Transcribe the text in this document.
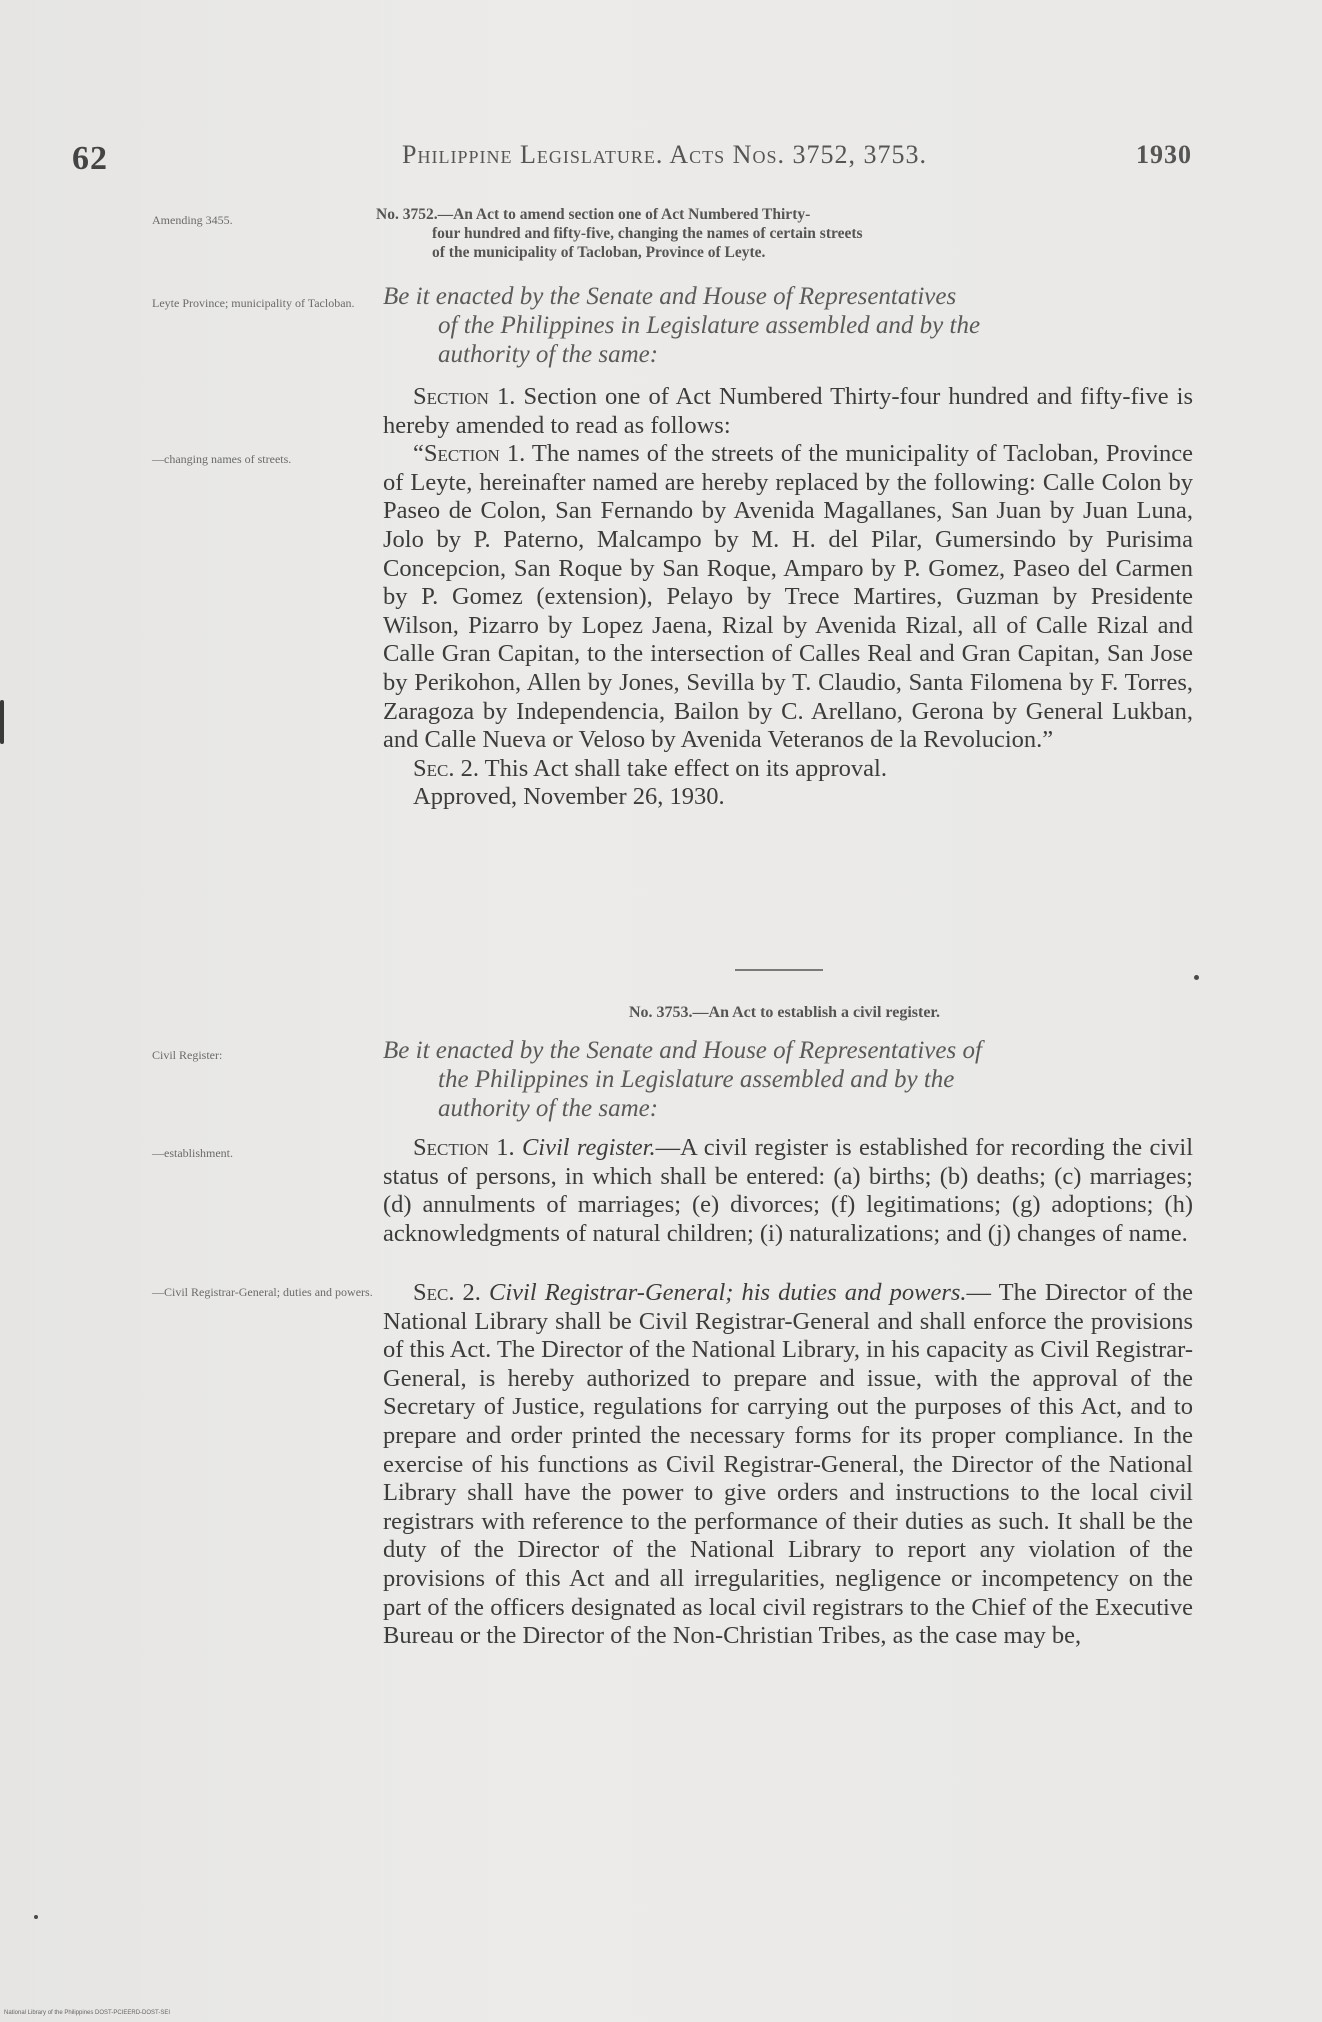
62	Philippine Legislature. Acts Nos. 3752, 3753.	1930
Amending 3455.	No. 3752.—An Act to amend section one of Act Numbered Thirty-
four hundred and fifty-five, changing the names of certain streets
of the municipality of Tacloban, Province of Leyte.
Leyte Province; municipality of Tacloban.	Be it enacted by the Senate and House of Representatives
of the Philippines in Legislature assembled and by the
authority of the same:
—changing names of streets.
Section 1. Section one of Act Numbered Thirty-four hundred and fifty-five is hereby amended to read as follows:
“Section 1. The names of the streets of the municipality of Tacloban, Province of Leyte, hereinafter named are hereby replaced by the following: Calle Colon by Paseo de Colon, San Fernando by Avenida Magallanes, San Juan by Juan Luna, Jolo by P. Paterno, Malcampo by M. H. del Pilar, Gumersindo by Purisima Concepcion, San Roque by San Roque, Amparo by P. Gomez, Paseo del Carmen by P. Gomez (extension), Pelayo by Trece Martires, Guzman by Presidente Wilson, Pizarro by Lopez Jaena, Rizal by Avenida Rizal, all of Calle Rizal and Calle Gran Capitan, to the intersection of Calles Real and Gran Capitan, San Jose by Perikohon, Allen by Jones, Sevilla by T. Claudio, Santa Filomena by F. Torres, Zaragoza by Independencia, Bailon by C. Arellano, Gerona by General Lukban, and Calle Nueva or Veloso by Avenida Veteranos de la Revolucion.”
Sec. 2. This Act shall take effect on its approval.
Approved, November 26, 1930.
No. 3753.—An Act to establish a civil register.
Civil Register:	Be it enacted by the Senate and House of Representatives of
the Philippines in Legislature assembled and by the
authority of the same:
—establishment.	Section 1. Civil register.—A civil register is established for recording the civil status of persons, in which shall be entered: (a) births; (b) deaths; (c) marriages; (d) annulments of marriages; (e) divorces; (f) legitimations; (g) adoptions; (h) acknowledgments of natural children; (i) naturalizations; and (j) changes of name.
—Civil Registrar-General; duties and powers.	Sec. 2. Civil Registrar-General; his duties and powers.— The Director of the National Library shall be Civil Registrar-General and shall enforce the provisions of this Act. The Director of the National Library, in his capacity as Civil Registrar-General, is hereby authorized to prepare and issue, with the approval of the Secretary of Justice, regulations for carrying out the purposes of this Act, and to prepare and order printed the necessary forms for its proper compliance. In the exercise of his functions as Civil Registrar-General, the Director of the National Library shall have the power to give orders and instructions to the local civil registrars with reference to the performance of their duties as such. It shall be the duty of the Director of the National Library to report any violation of the provisions of this Act and all irregularities, negligence or incompetency on the part of the officers designated as local civil registrars to the Chief of the Executive Bureau or the Director of the Non-Christian Tribes, as the case may be,
National Library of the Philippines DOST-PCIEERD-DOST-SEI
